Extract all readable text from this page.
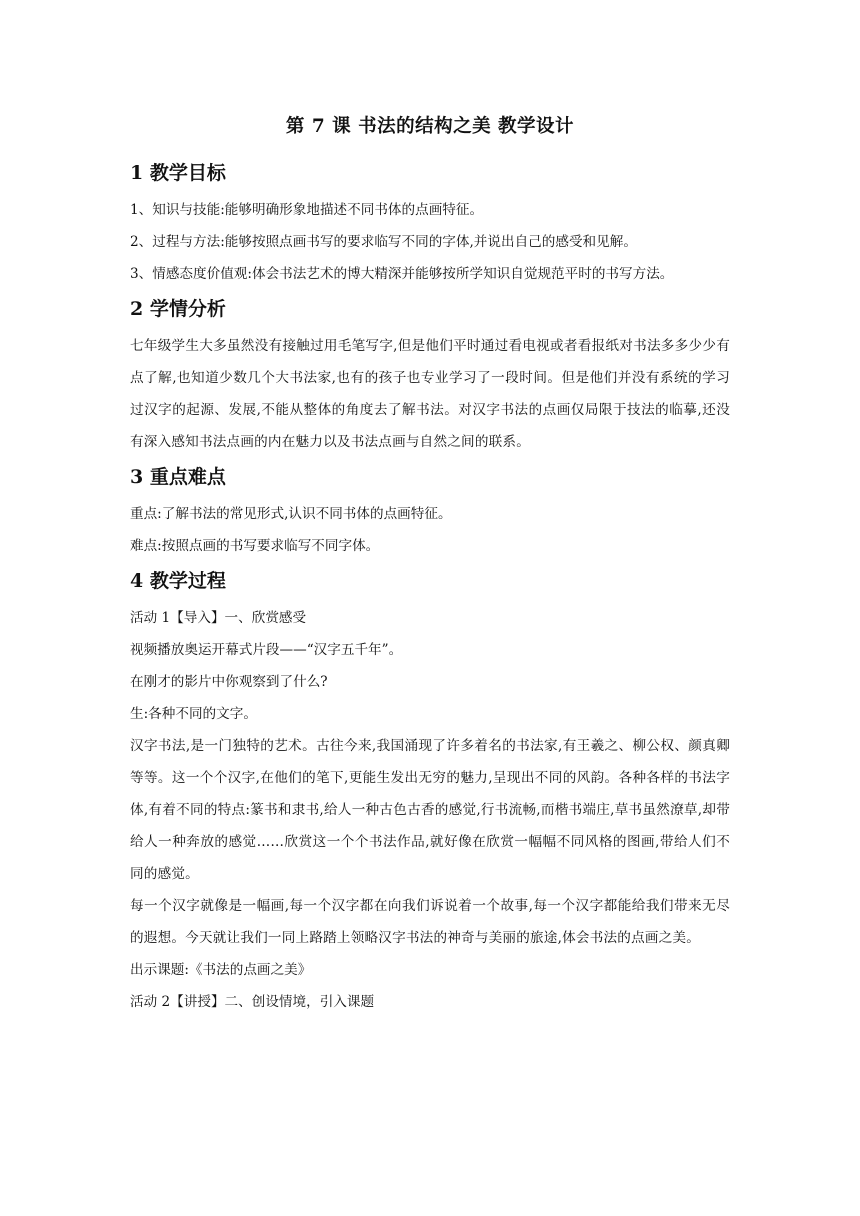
第 7 课 书法的结构之美 教学设计
1 教学目标

1、知识与技能:能够明确形象地描述不同书体的点画特征。

2、过程与方法:能够按照点画书写的要求临写不同的字体,并说出自己的感受和见解。

3、情感态度价值观:体会书法艺术的博大精深并能够按所学知识自觉规范平时的书写方法。

2 学情分析

七年级学生大多虽然没有接触过用毛笔写字,但是他们平时通过看电视或者看报纸对书法多多少少有点了解,也知道少数几个大书法家,也有的孩子也专业学习了一段时间。但是他们并没有系统的学习过汉字的起源、发展,不能从整体的角度去了解书法。对汉字书法的点画仅局限于技法的临摹,还没有深入感知书法点画的内在魅力以及书法点画与自然之间的联系。

3 重点难点

重点:了解书法的常见形式,认识不同书体的点画特征。

难点:按照点画的书写要求临写不同字体。

4 教学过程

活动 1【导入】一、欣赏感受

视频播放奥运开幕式片段——“汉字五千年”。

在刚才的影片中你观察到了什么?

生:各种不同的文字。

汉字书法,是一门独特的艺术。古往今来,我国涌现了许多着名的书法家,有王羲之、柳公权、颜真卿等等。这一个个汉字,在他们的笔下,更能生发出无穷的魅力,呈现出不同的风韵。各种各样的书法字体,有着不同的特点:篆书和隶书,给人一种古色古香的感觉,行书流畅,而楷书端庄,草书虽然潦草,却带给人一种奔放的感觉……欣赏这一个个书法作品,就好像在欣赏一幅幅不同风格的图画,带给人们不同的感觉。

每一个汉字就像是一幅画,每一个汉字都在向我们诉说着一个故事,每一个汉字都能给我们带来无尽的遐想。今天就让我们一同上路踏上领略汉字书法的神奇与美丽的旅途,体会书法的点画之美。

出示课题:《书法的点画之美》

活动 2【讲授】二、创设情境，引入课题
